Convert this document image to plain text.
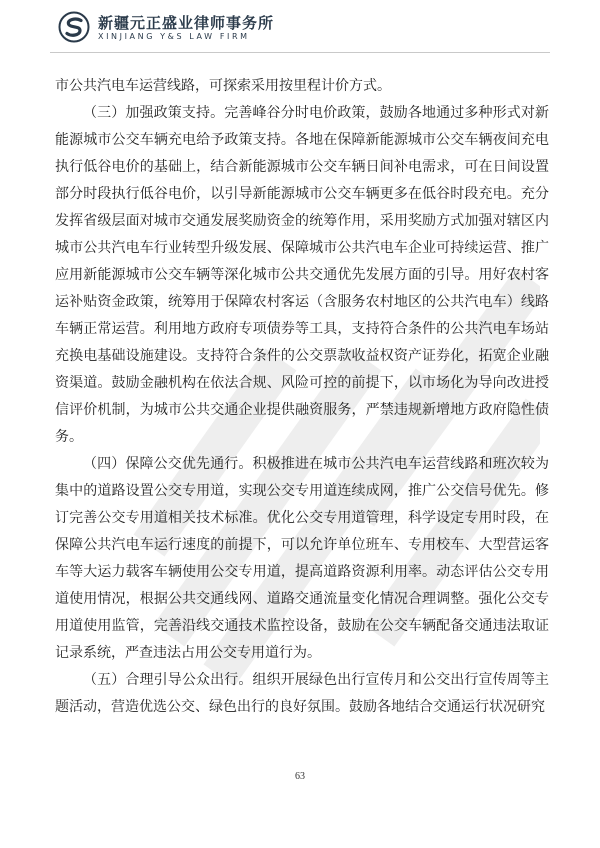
新疆元正盛业律师事务所
XINJIANG Y&S LAW FIRM

市公共汽电车运营线路，可探索采用按里程计价方式。

（三）加强政策支持。完善峰谷分时电价政策，鼓励各地通过多种形式对新能源城市公交车辆充电给予政策支持。各地在保障新能源城市公交车辆夜间充电执行低谷电价的基础上，结合新能源城市公交车辆日间补电需求，可在日间设置部分时段执行低谷电价，以引导新能源城市公交车辆更多在低谷时段充电。充分发挥省级层面对城市交通发展奖励资金的统筹作用，采用奖励方式加强对辖区内城市公共汽电车行业转型升级发展、保障城市公共汽电车企业可持续运营、推广应用新能源城市公交车辆等深化城市公共交通优先发展方面的引导。用好农村客运补贴资金政策，统筹用于保障农村客运（含服务农村地区的公共汽电车）线路车辆正常运营。利用地方政府专项债券等工具，支持符合条件的公共汽电车场站充换电基础设施建设。支持符合条件的公交票款收益权资产证券化，拓宽企业融资渠道。鼓励金融机构在依法合规、风险可控的前提下，以市场化为导向改进授信评价机制，为城市公共交通企业提供融资服务，严禁违规新增地方政府隐性债务。

（四）保障公交优先通行。积极推进在城市公共汽电车运营线路和班次较为集中的道路设置公交专用道，实现公交专用道连续成网，推广公交信号优先。修订完善公交专用道相关技术标准。优化公交专用道管理，科学设定专用时段，在保障公共汽电车运行速度的前提下，可以允许单位班车、专用校车、大型营运客车等大运力载客车辆使用公交专用道，提高道路资源利用率。动态评估公交专用道使用情况，根据公共交通线网、道路交通流量变化情况合理调整。强化公交专用道使用监管，完善沿线交通技术监控设备，鼓励在公交车辆配备交通违法取证记录系统，严查违法占用公交专用道行为。

（五）合理引导公众出行。组织开展绿色出行宣传月和公交出行宣传周等主题活动，营造优选公交、绿色出行的良好氛围。鼓励各地结合交通运行状况研究

63
